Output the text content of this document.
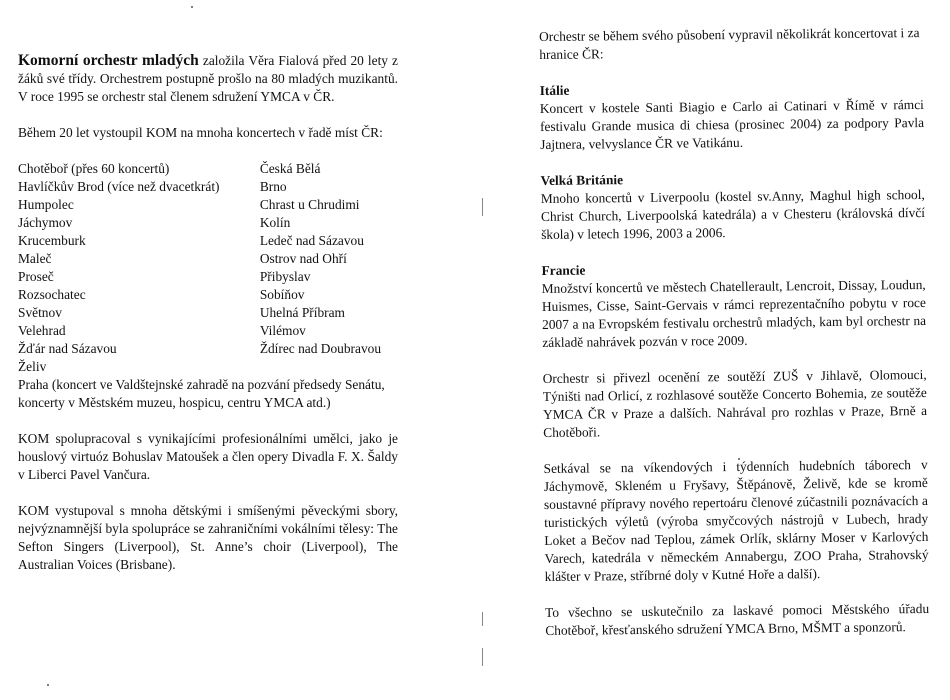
Komorní orchestr mladých založila Věra Fialová před 20 lety z žáků své třídy. Orchestrem postupně prošlo na 80 mladých muzikantů. V roce 1995 se orchestr stal členem sdružení YMCA v ČR.

Během 20 let vystoupil KOM na mnoha koncertech v řadě míst ČR:

Chotěboř (přes 60 koncertů)
Havlíčkův Brod (více než dvacetkrát)
Humpolec
Jáchymov
Krucemburk
Maleč
Proseč
Rozsochatec
Světnov
Velehrad
Žďár nad Sázavou
Želiv
Česká Bělá
Brno
Chrast u Chrudimi
Kolín
Ledeč nad Sázavou
Ostrov nad Ohří
Přibyslav
Sobíňov
Uhelná Příbram
Vilémov
Ždírec nad Doubravou

Praha (koncert ve Valdštejnské zahradě na pozvání předsedy Senátu, koncerty v Městském muzeu, hospicu, centru YMCA atd.)

KOM spolupracoval s vynikajícími profesionálními umělci, jako je houslový virtuóz Bohuslav Matoušek a člen opery Divadla F. X. Šaldy v Liberci Pavel Vančura.

KOM vystupoval s mnoha dětskými i smíšenými pěveckými sbory, nejvýznamnější byla spolupráce se zahraničními vokálními tělesy: The Sefton Singers (Liverpool), St. Anne’s choir (Liverpool), The Australian Voices (Brisbane).

Orchestr se během svého působení vypravil několikrát koncertovat i za hranice ČR:

Itálie

Koncert v kostele Santi Biagio e Carlo ai Catinari v Římě v rámci festivalu Grande musica di chiesa (prosinec 2004) za podpory Pavla Jajtnera, velvyslance ČR ve Vatikánu.

Velká Británie

Mnoho koncertů v Liverpoolu (kostel sv.Anny, Maghul high school, Christ Church, Liverpoolská katedrála) a v Chesteru (královská dívčí škola) v letech 1996, 2003 a 2006.

Francie

Množství koncertů ve městech Chatellerault, Lencroit, Dissay, Loudun, Huismes, Cisse, Saint-Gervais v rámci reprezentačního pobytu v roce 2007 a na Evropském festivalu orchestrů mladých, kam byl orchestr na základě nahrávek pozván v roce 2009.

Orchestr si přivezl ocenění ze soutěží ZUŠ v Jihlavě, Olomouci, Týništi nad Orlicí, z rozhlasové soutěže Concerto Bohemia, ze soutěže YMCA ČR v Praze a dalších. Nahrával pro rozhlas v Praze, Brně a Chotěboři.

Setkával se na víkendových i týdenních hudebních táborech v Jáchymově, Skleném u Fryšavy, Štěpánově, Želivě, kde se kromě soustavné přípravy nového repertoáru členové zúčastnili poznávacích a turistických výletů (výroba smyčcových nástrojů v Lubech, hrady Loket a Bečov nad Teplou, zámek Orlík, sklárny Moser v Karlových Varech, katedrála v německém Annabergu, ZOO Praha, Strahovský klášter v Praze, stříbrné doly v Kutné Hoře a další).

To všechno se uskutečnilo za laskavé pomoci Městského úřadu Chotěboř, křesťanského sdružení YMCA Brno, MŠMT a sponzorů.
